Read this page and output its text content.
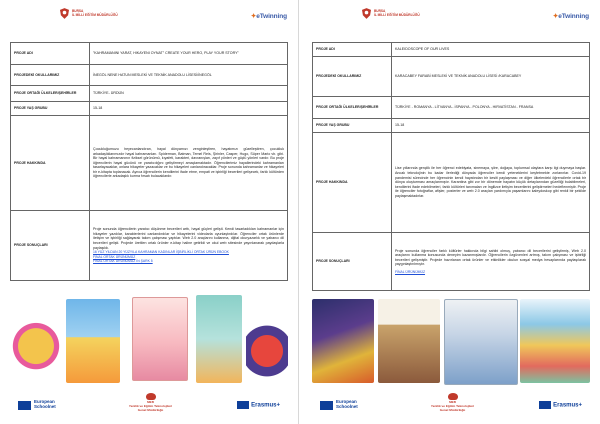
BURSA
İL MİLLİ EĞİTİM MÜDÜRLÜĞÜ	✦eTwinning
PROJE ADI	"KAHRAMANINI YARAT, HIKAYENI OYNAT" CREATE YOUR HERO, PLAY YOUR STORY"
PROJEDEKİ OKULLARIMIZ	İNEGÖL NENE HATUN MESLEKİ VE TEKNİK ANADOLU LİSESİ/İNEGÖL
PROJE ORTAĞI ÜLKELER/ŞEHİRLER	TÜRKİYE- ÜRDÜN
PROJE YAŞ GRUBU	15-18
PROJE HAKKINDA	Çocukluğumuzu heyecanlandıran, hayal dünyamızı zenginleştiren, hayatımızı güzelleştiren, çocukluk arkadaşlıklarımızdır hayal kahramanları. Spiderman, Batman, Temel Reis, Şirinler, Casper, Hugo, Süper Mario vb. gibi. Bir hayal kahramanının fiziksel görünümü, kıyafeti, karakteri, davranışları, zayıf yönleri ve güçlü yönleri vardır. Bu proje öğrencilerin hayal gücünü ve yaratıcılığını geliştirmeyi amaçlamaktadır. Öğrencilerimiz hayallerindeki kahramanları tasarlayacaklar, onlara hikayeler yazacaklar ve bu hikayeleri canlandıracaklar. Proje sonunda kahramanlar ve hikayeleri bir e-kitapta toplanacak. Ayrıca öğrencilerin kendilerini ifade etme, empati ve işbirliği becerileri gelişecek, farklı kültürden öğrencilerle arkadaşlık kurma fırsatı bulacaklardır.
PROJE SONUÇLARI	Proje sonunda öğrencilerin yaratıcı düşünme becerileri arttı, hayal güçleri gelişti. Kendi tasarladıkları kahramanlar için hikayeler yazdılar, karakterlerini canlandırdılar ve hikayelerini videolarla oyunlaştırdılar. Öğrenciler ortak ürünlerde iletişim ve işbirliği sağlayarak takım çalışması yaptılar. Web 2.0 araçlarını kullanma, dijital okuryazarlık ve yabancı dil becerileri gelişti. Projede üretilen ortak ürünler e-kitap haline getirildi ve okul web sitesinde yayınlanarak paydaşlarla paylaşıldı.
16 YÜZ YILDAN 20 YÜZYILA KAHRAMAN KADINLAR İŞBİRLİKLİ ORTAK ÜRÜN EBOOK
FİNAL ORTAK ÜRÜNÜMÜZ
FİNAL ORTAK ÜRÜNÜMÜZ İN ŞARK 5
European
Schoolnet
MEB
Yenilik ve Eğitim Teknolojileri
Genel Müdürlüğü
Erasmus+
BURSA
İL MİLLİ EĞİTİM MÜDÜRLÜĞÜ	✦eTwinning
PROJE ADI	KALEIDOSCOPE OF OUR LIVES
PROJEDEKİ OKULLARIMIZ	KARACABEY FARABİ MESLEKİ VE TEKNİK ANADOLU LİSESİ /KARACABEY
PROJE ORTAĞI ÜLKELER/ŞEHİRLER	TÜRKİYE - ROMANYA - LİTVANYA - İSPANYA - POLONYA - HIRVATİSTAN - FRANSA
PROJE YAŞ GRUBU	15-18
PROJE HAKKINDA	Lise yıllarında gençlik ile her öğrenci edebiyata, sinemaya, şiire, doğaya, toplumsal olaylara karşı ilgi duymaya başlar. Ancak teknolojinin bu kadar ilerlediği dünyada öğrenciler kendi yeteneklerini keşfetmekte zorlanırlar. Covid-19 pandemisi sürecinde her öğrencinin kendi hayatından bir kesiti paylaşması ve diğer ülkelerdeki öğrencilerle ortak bir dünya oluşturması amaçlanmıştır. Karantina gibi zor bir dönemde hayatın küçük detaylarından güzelliği bulabilmeleri, kendilerini ifade edebilmeleri, farklı kültürleri tanımaları ve İngilizce iletişim becerilerini geliştirmeleri hedeflenmiştir. Proje ile öğrenciler fotoğraflar, afişler, posterler ve web 2.0 araçları yardımıyla yaşamlarını kaleydoskop gibi renkli bir şekilde paylaşmaktadırlar.
PROJE SONUÇLARI	Proje sonunda öğrenciler farklı kültürler hakkında bilgi sahibi olmuş, yabancı dil becerilerini geliştirmiş, Web 2.0 araçlarını kullanma konusunda deneyim kazanmışlardır. Öğrencilerin özgüvenleri artmış, takım çalışması ve işbirliği becerileri gelişmiştir. Projede hazırlanan ortak ürünler ve etkinlikler okulun sosyal medya hesaplarında paylaşılarak yaygınlaştırılmıştır.
FİNAL ÜRÜNÜMÜZ
European
Schoolnet
MEB
Yenilik ve Eğitim Teknolojileri
Genel Müdürlüğü
Erasmus+
